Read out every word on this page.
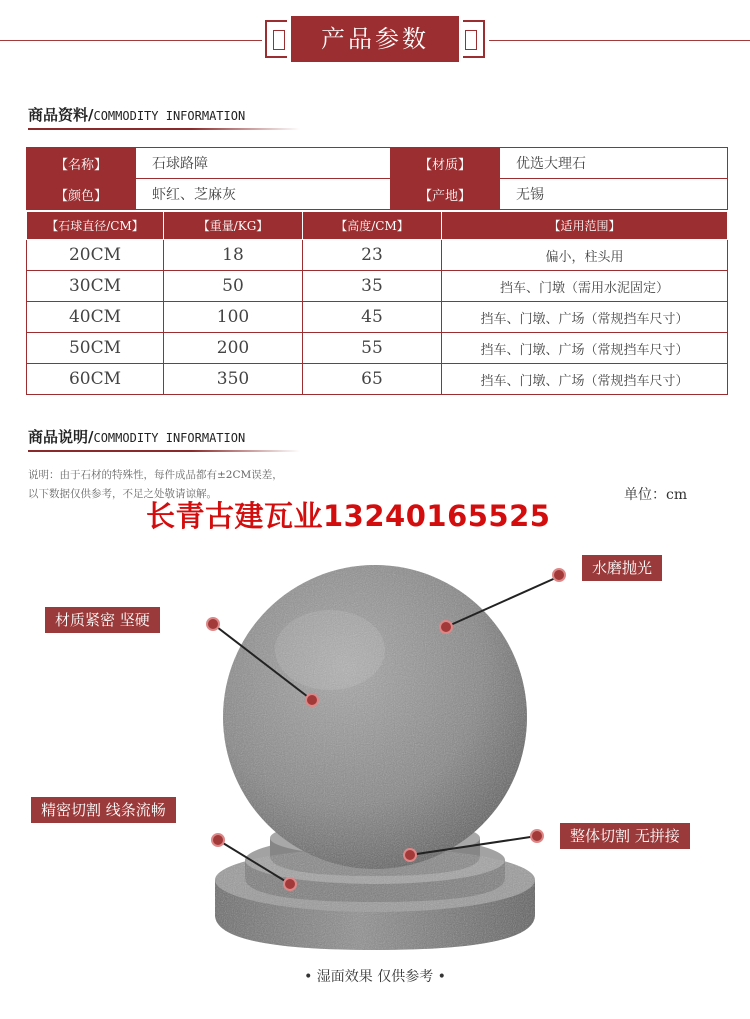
产品参数
商品资料/COMMODITY INFORMATION
【名称】	石球路障	【材质】	优选大理石
【颜色】	虾红、芝麻灰	【产地】	无锡
【石球直径/CM】	【重量/KG】	【高度/CM】	【适用范围】
20CM	18	23	偏小，柱头用
30CM	50	35	挡车、门墩（需用水泥固定）
40CM	100	45	挡车、门墩、广场（常规挡车尺寸）
50CM	200	55	挡车、门墩、广场（常规挡车尺寸）
60CM	350	65	挡车、门墩、广场（常规挡车尺寸）
商品说明/COMMODITY INFORMATION
说明：由于石材的特殊性，每件成品都有±2CM误差，
以下数据仅供参考，不足之处敬请谅解。	单位：cm
长青古建瓦业13240165525
水磨抛光
材质紧密 坚硬
精密切割 线条流畅
整体切割 无拼接
• 湿面效果 仅供参考 •
